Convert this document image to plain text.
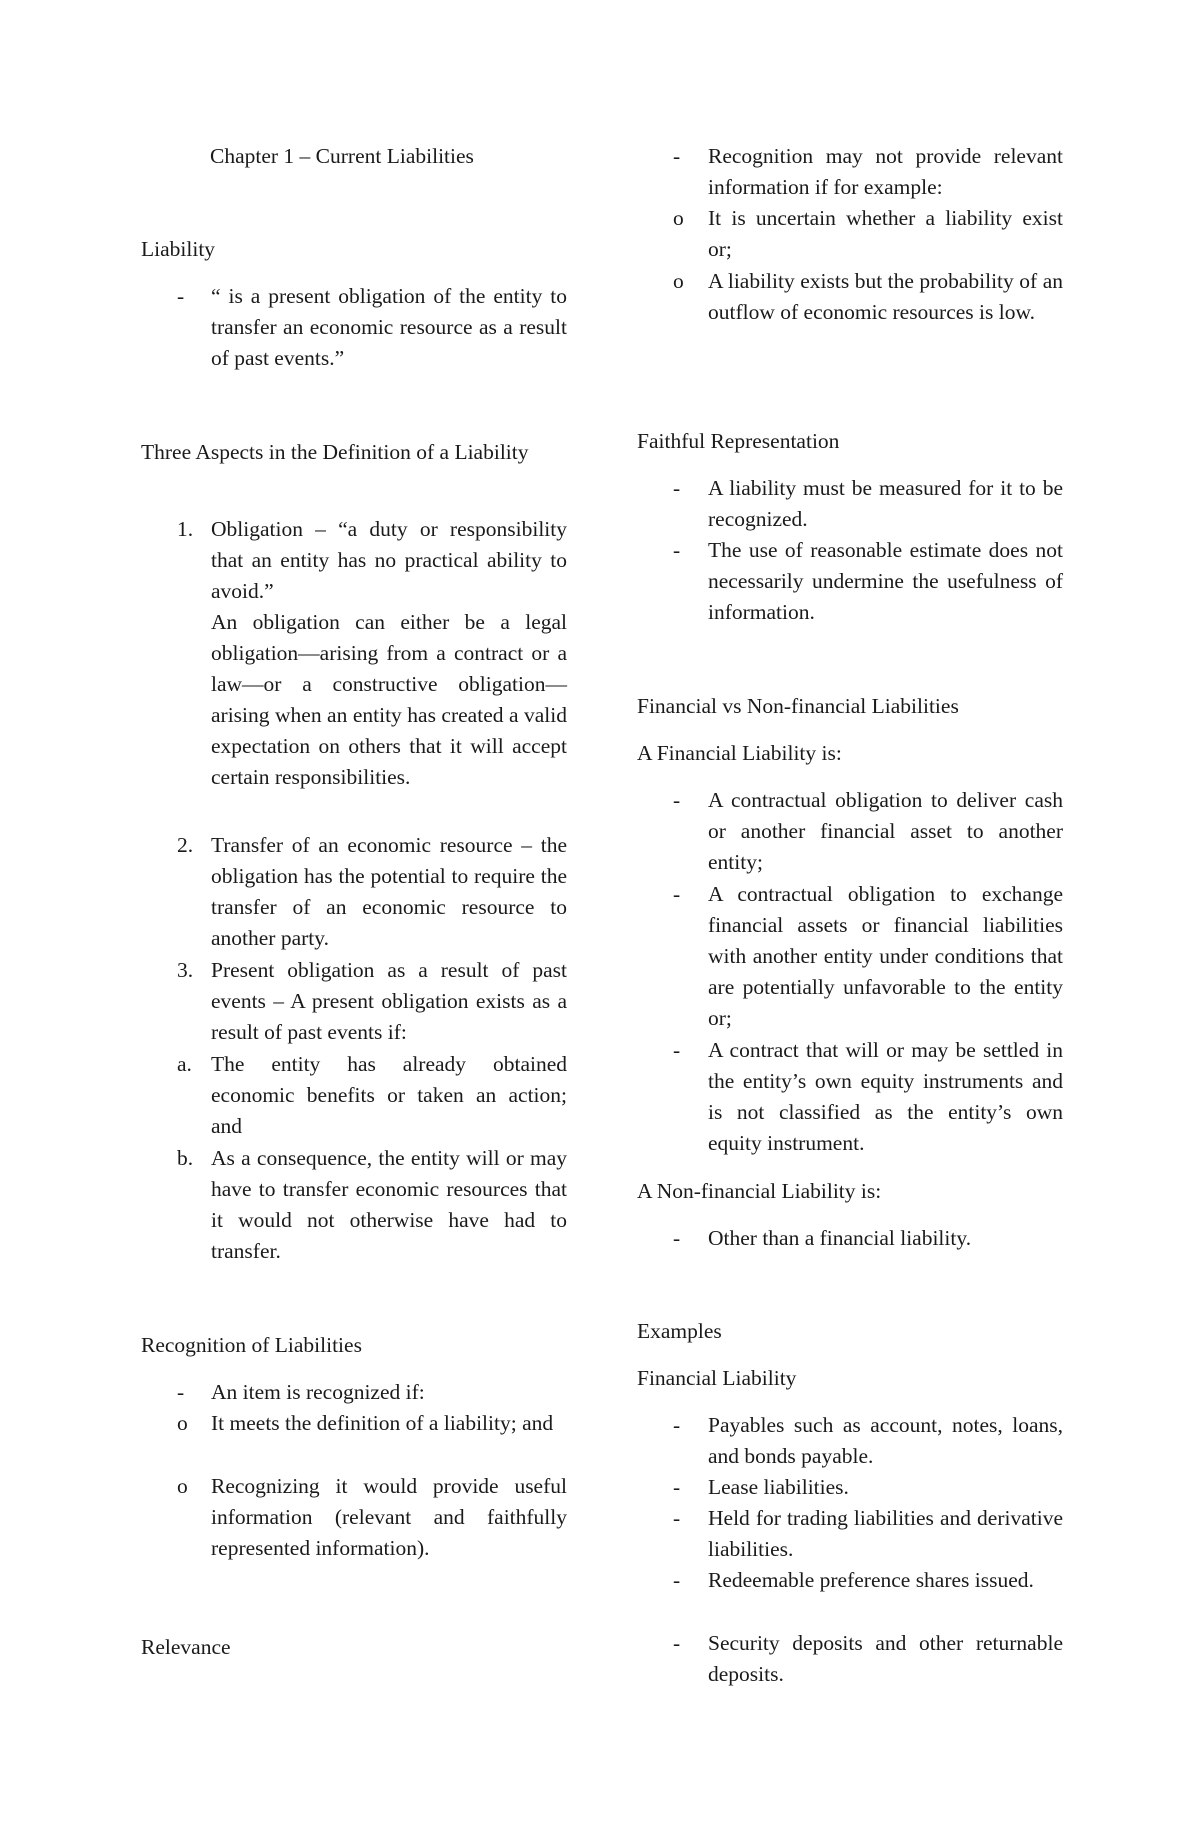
Chapter 1 – Current Liabilities
Liability
- “ is a present obligation of the entity to transfer an economic resource as a result of past events.”
Three Aspects in the Definition of a Liability
1. Obligation – “a duty or responsibility that an entity has no practical ability to avoid.”
An obligation can either be a legal obligation—arising from a contract or a law—or a constructive obligation—arising when an entity has created a valid expectation on others that it will accept certain responsibilities.
2. Transfer of an economic resource – the obligation has the potential to require the transfer of an economic resource to another party.
3. Present obligation as a result of past events – A present obligation exists as a result of past events if:
a. The entity has already obtained economic benefits or taken an action; and
b. As a consequence, the entity will or may have to transfer economic resources that it would not otherwise have had to transfer.
Recognition of Liabilities
- An item is recognized if:
o It meets the definition of a liability; and
o Recognizing it would provide useful information (relevant and faithfully represented information).
Relevance
- Recognition may not provide relevant information if for example:
o It is uncertain whether a liability exist or;
o A liability exists but the probability of an outflow of economic resources is low.
Faithful Representation
- A liability must be measured for it to be recognized.
- The use of reasonable estimate does not necessarily undermine the usefulness of information.
Financial vs Non-financial Liabilities
A Financial Liability is:
- A contractual obligation to deliver cash or another financial asset to another entity;
- A contractual obligation to exchange financial assets or financial liabilities with another entity under conditions that are potentially unfavorable to the entity or;
- A contract that will or may be settled in the entity’s own equity instruments and is not classified as the entity’s own equity instrument.
A Non-financial Liability is:
- Other than a financial liability.
Examples
Financial Liability
- Payables such as account, notes, loans, and bonds payable.
- Lease liabilities.
- Held for trading liabilities and derivative liabilities.
- Redeemable preference shares issued.
- Security deposits and other returnable deposits.
